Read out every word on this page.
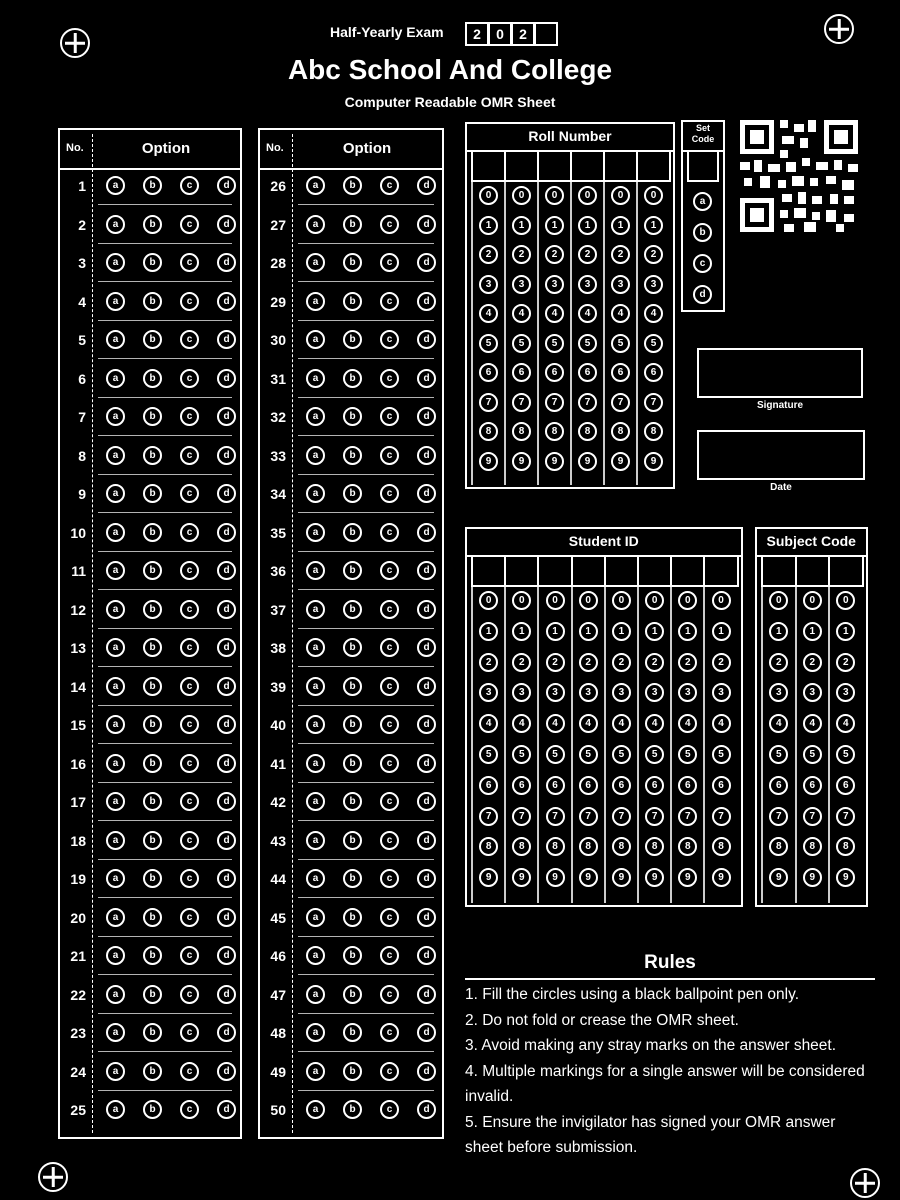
Half-Yearly Exam	2	0	2
Abc School And College
Computer Readable OMR Sheet
No.	Option
1	a	b	c	d
2	a	b	c	d
3	a	b	c	d
4	a	b	c	d
5	a	b	c	d
6	a	b	c	d
7	a	b	c	d
8	a	b	c	d
9	a	b	c	d
10	a	b	c	d
11	a	b	c	d
12	a	b	c	d
13	a	b	c	d
14	a	b	c	d
15	a	b	c	d
16	a	b	c	d
17	a	b	c	d
18	a	b	c	d
19	a	b	c	d
20	a	b	c	d
21	a	b	c	d
22	a	b	c	d
23	a	b	c	d
24	a	b	c	d
25	a	b	c	d
No.	Option
26	a	b	c	d
27	a	b	c	d
28	a	b	c	d
29	a	b	c	d
30	a	b	c	d
31	a	b	c	d
32	a	b	c	d
33	a	b	c	d
34	a	b	c	d
35	a	b	c	d
36	a	b	c	d
37	a	b	c	d
38	a	b	c	d
39	a	b	c	d
40	a	b	c	d
41	a	b	c	d
42	a	b	c	d
43	a	b	c	d
44	a	b	c	d
45	a	b	c	d
46	a	b	c	d
47	a	b	c	d
48	a	b	c	d
49	a	b	c	d
50	a	b	c	d
Roll Number
0	0	0	0	0	0
1	1	1	1	1	1
2	2	2	2	2	2
3	3	3	3	3	3
4	4	4	4	4	4
5	5	5	5	5	5
6	6	6	6	6	6
7	7	7	7	7	7
8	8	8	8	8	8
9	9	9	9	9	9
Set
Code
a
b
c
d
Signature
Date
Student ID
0	0	0	0	0	0	0	0
1	1	1	1	1	1	1	1
2	2	2	2	2	2	2	2
3	3	3	3	3	3	3	3
4	4	4	4	4	4	4	4
5	5	5	5	5	5	5	5
6	6	6	6	6	6	6	6
7	7	7	7	7	7	7	7
8	8	8	8	8	8	8	8
9	9	9	9	9	9	9	9
Subject Code
0	0	0
1	1	1
2	2	2
3	3	3
4	4	4
5	5	5
6	6	6
7	7	7
8	8	8
9	9	9
Rules

1. Fill the circles using a black ballpoint pen only.

2. Do not fold or crease the OMR sheet.

3. Avoid making any stray marks on the answer sheet.

4. Multiple markings for a single answer will be considered invalid.

5. Ensure the invigilator has signed your OMR answer sheet before submission.
